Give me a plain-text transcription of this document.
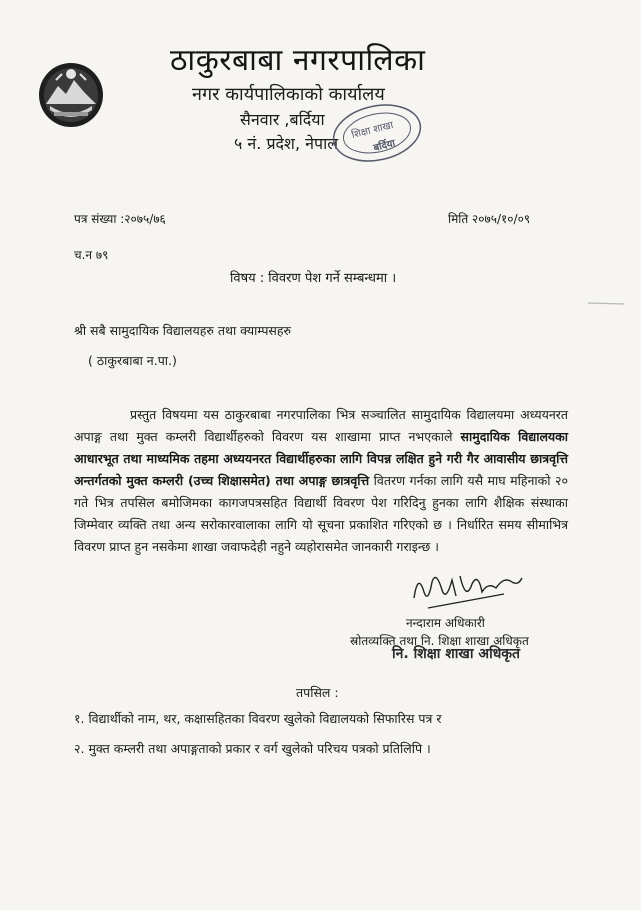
ठाकुरबाबा नगरपालिका
नगर कार्यपालिकाको कार्यालय
सैनवार ,बर्दिया
५ नं. प्रदेश, नेपाल
शिक्षा शाखा
बर्दिया
पत्र संख्या :२०७५/७६	मिति २०७५/१०/०९
च.न ७९
विषय : विवरण पेश गर्ने सम्बन्धमा ।
श्री सबै सामुदायिक विद्यालयहरु तथा क्याम्पसहरु
( ठाकुरबाबा न.पा.)
प्रस्तुत विषयमा यस ठाकुरबाबा नगरपालिका भित्र सञ्चालित सामुदायिक विद्यालयमा अध्ययनरत अपाङ्ग तथा मुक्त कम्लरी विद्यार्थीहरुको विवरण यस शाखामा प्राप्त नभएकाले सामुदायिक विद्यालयका आधारभूत तथा माध्यमिक तहमा अध्ययनरत विद्यार्थीहरुका लागि विपन्न लक्षित हुने गरी गैर आवासीय छात्रवृत्ति अन्तर्गतको मुक्त कम्लरी (उच्च शिक्षासमेत) तथा अपाङ्ग छात्रवृत्ति वितरण गर्नका लागि यसै माघ महिनाको २० गते भित्र तपसिल बमोजिमका कागजपत्रसहित विद्यार्थी विवरण पेश गरिदिनु हुनका लागि शैक्षिक संस्थाका जिम्मेवार व्यक्ति तथा अन्य सरोकारवालाका लागि यो सूचना प्रकाशित गरिएको छ । निर्धारित समय सीमाभित्र विवरण प्राप्त हुन नसकेमा शाखा जवाफदेही नहुने व्यहोरासमेत जानकारी गराइन्छ ।
नन्दाराम अधिकारी
स्रोतव्यक्ति तथा नि. शिक्षा शाखा अधिकृत
नि. शिक्षा शाखा अधिकृत
तपसिल :
१. विद्यार्थीको नाम, थर, कक्षासहितका विवरण खुलेको विद्यालयको सिफारिस पत्र र
२. मुक्त कम्लरी तथा अपाङ्गताको प्रकार र वर्ग खुलेको परिचय पत्रको प्रतिलिपि ।
